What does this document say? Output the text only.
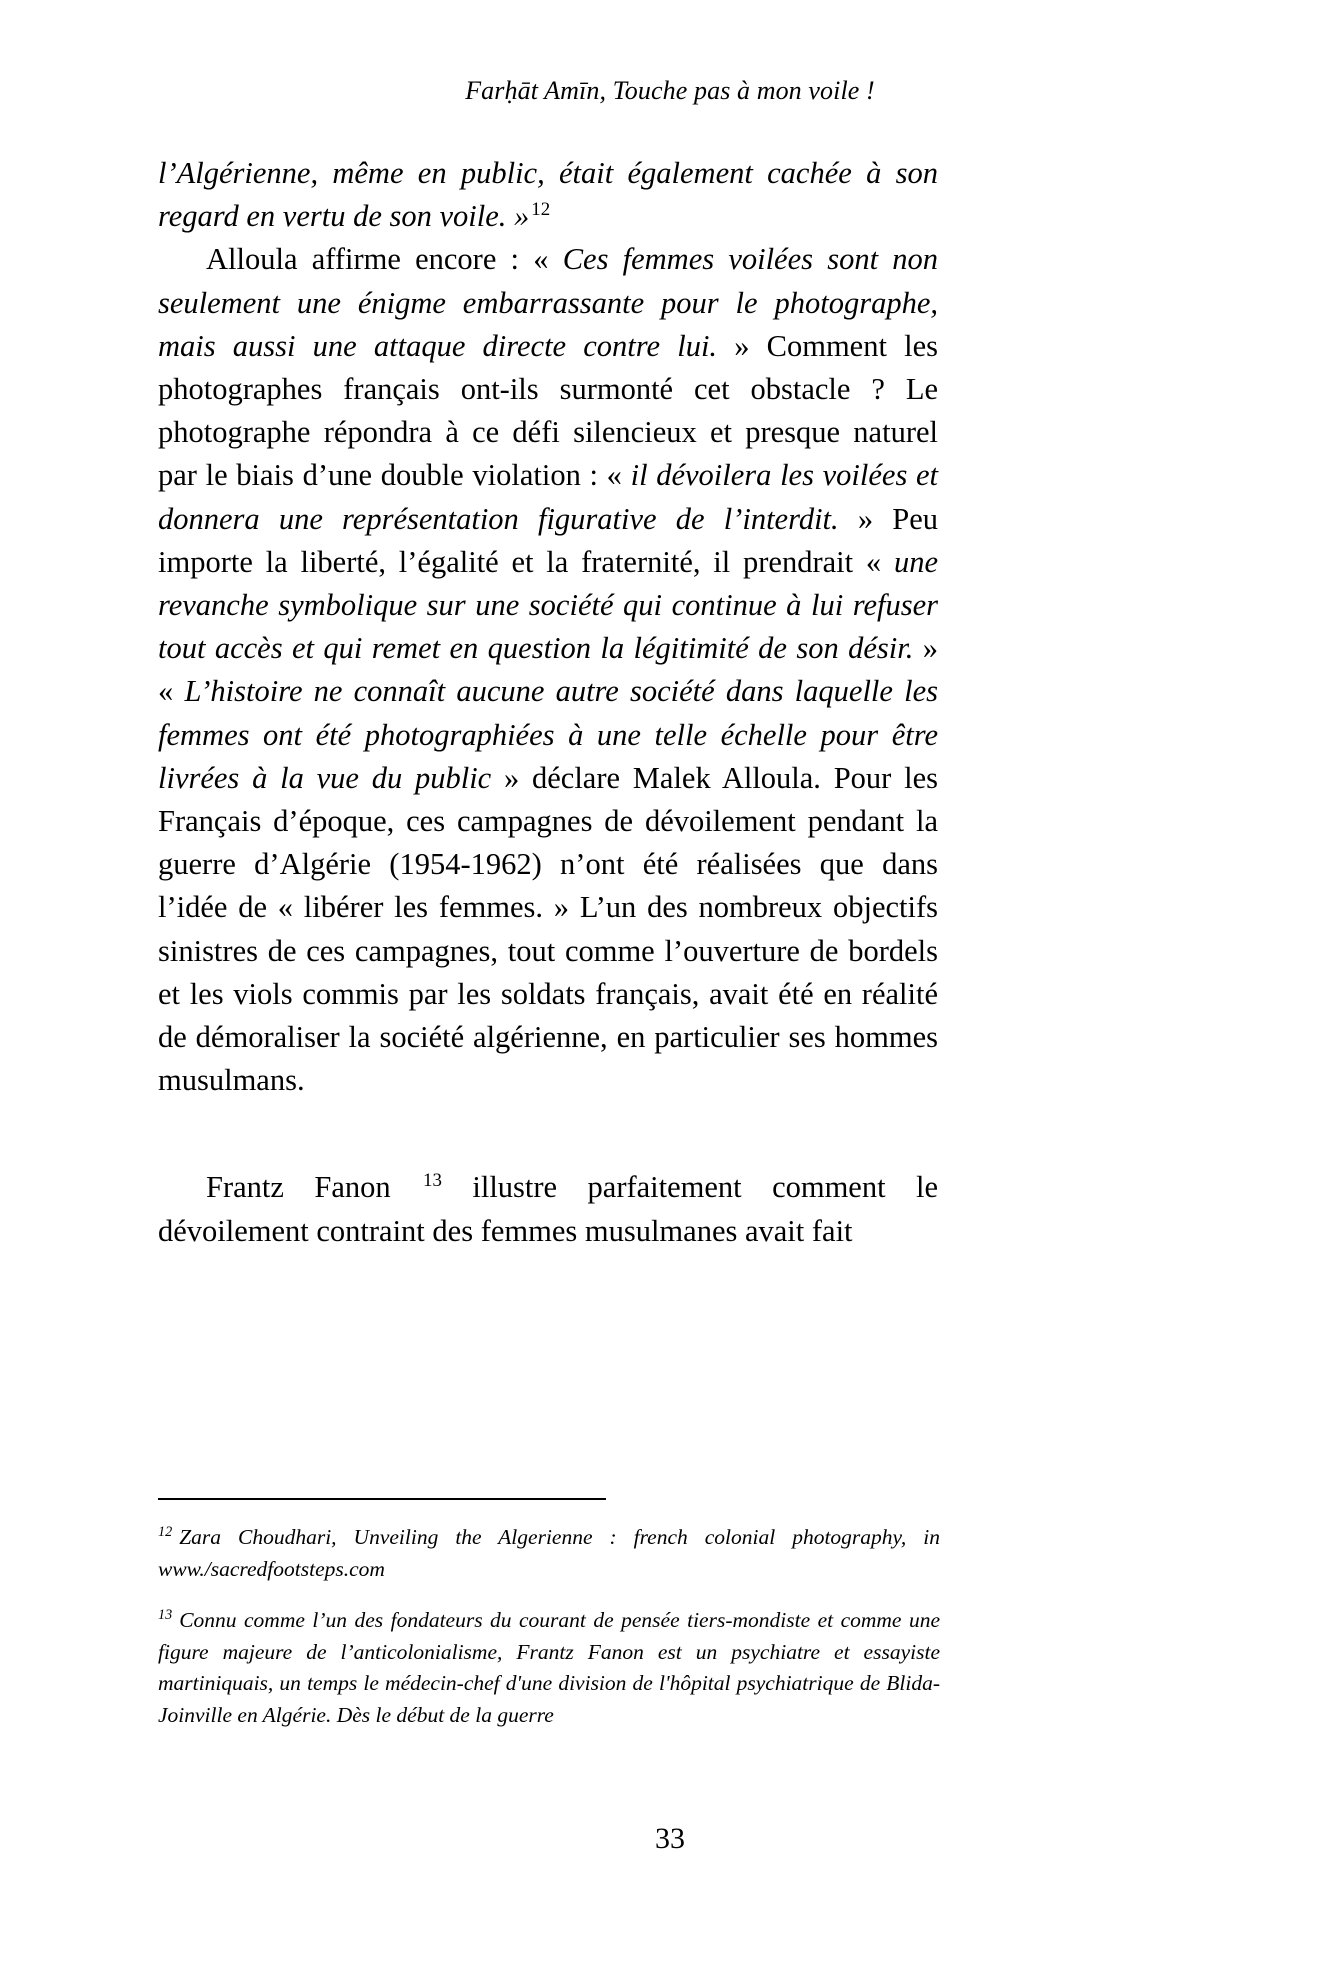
Farḥāt Amīn, Touche pas à mon voile !

l’Algérienne, même en public, était également cachée à son regard en vertu de son voile. » $^{12}$

Alloula affirme encore : « Ces femmes voilées sont non seulement une énigme embarrassante pour le photographe, mais aussi une attaque directe contre lui. » Comment les photographes français ont-ils surmonté cet obstacle ? Le photographe répondra à ce défi silencieux et presque naturel par le biais d’une double violation : « il dévoilera les voilées et donnera une représentation figurative de l’interdit. » Peu importe la liberté, l’égalité et la fraternité, il prendrait « une revanche symbolique sur une société qui continue à lui refuser tout accès et qui remet en question la légitimité de son désir. » « L’histoire ne connaît aucune autre société dans laquelle les femmes ont été photographiées à une telle échelle pour être livrées à la vue du public » déclare Malek Alloula. Pour les Français d’époque, ces campagnes de dévoilement pendant la guerre d’Algérie (1954-1962) n’ont été réalisées que dans l’idée de « libérer les femmes. » L’un des nombreux objectifs sinistres de ces campagnes, tout comme l’ouverture de bordels et les viols commis par les soldats français, avait été en réalité de démoraliser la société algérienne, en particulier ses hommes musulmans.

Frantz Fanon $^{13}$ illustre parfaitement comment le dévoilement contraint des femmes musulmanes avait fait

$^{12}$ Zara Choudhari, Unveiling the Algerienne : french colonial photography, in www./sacredfootsteps.com

$^{13}$ Connu comme l’un des fondateurs du courant de pensée tiers-mondiste et comme une figure majeure de l’anticolonialisme, Frantz Fanon est un psychiatre et essayiste martiniquais, un temps le médecin-chef d'une division de l'hôpital psychiatrique de Blida-Joinville en Algérie. Dès le début de la guerre

33
